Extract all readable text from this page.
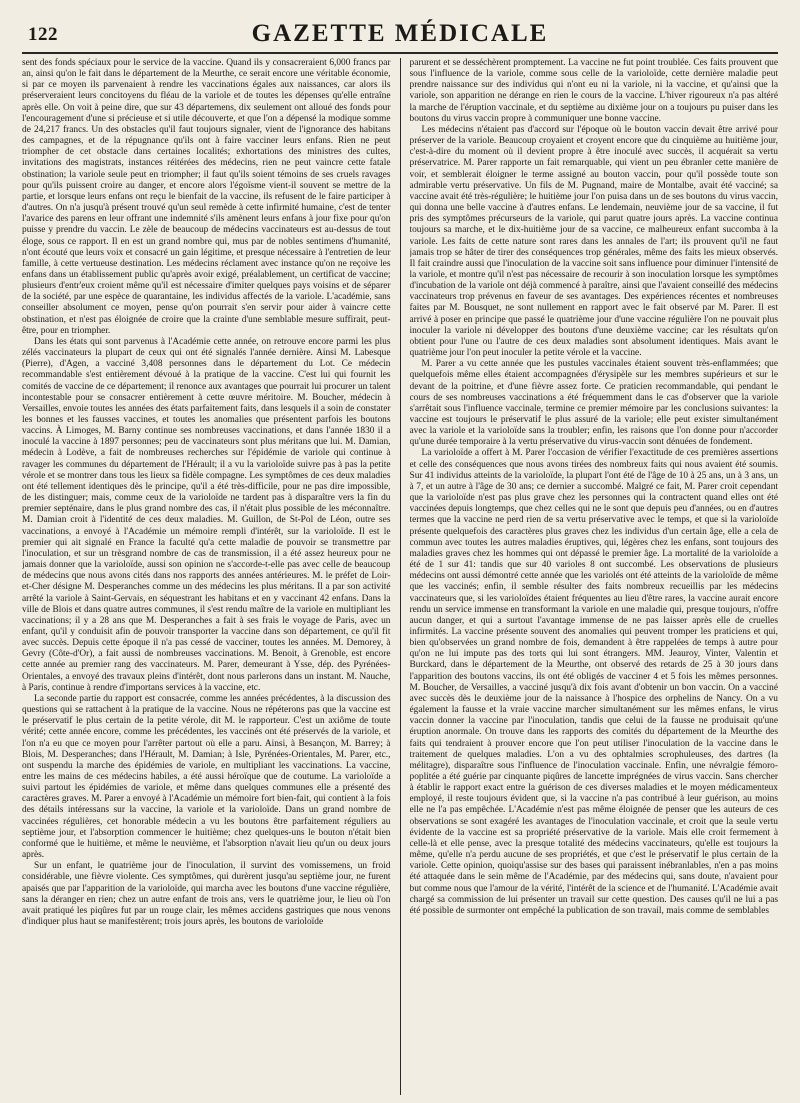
122	GAZETTE MÉDICALE

sent des fonds spéciaux pour le service de la vaccine. Quand ils y consacreraient 6,000 francs par an, ainsi qu'on le fait dans le département de la Meurthe, ce serait encore une véritable économie, si par ce moyen ils parvenaient à rendre les vaccinations égales aux naissances, car alors ils préserveraient leurs concitoyens du fléau de la variole et de toutes les dépenses qu'elle entraîne après elle. On voit à peine dire, que sur 43 départemens, dix seulement ont alloué des fonds pour l'encouragement d'une si précieuse et si utile découverte, et que l'on a dépensé la modique somme de 24,217 francs. Un des obstacles qu'il faut toujours signaler, vient de l'ignorance des habitans des campagnes, et de la répugnance qu'ils ont à faire vacciner leurs enfans. Rien ne peut triompher de cet obstacle dans certaines localités; exhortations des ministres des cultes, invitations des magistrats, instances réitérées des médecins, rien ne peut vaincre cette fatale obstination; la variole seule peut en triompher; il faut qu'ils soient témoins de ses cruels ravages pour qu'ils puissent croire au danger, et encore alors l'égoïsme vient-il souvent se mettre de la partie, et lorsque leurs enfans ont reçu le bienfait de la vaccine, ils refusent de le faire participer à d'autres. On n'a jusqu'à présent trouvé qu'un seul remède à cette infirmité humaine, c'est de tenter l'avarice des parens en leur offrant une indemnité s'ils amènent leurs enfans à jour fixe pour qu'on puisse y prendre du vaccin. Le zèle de beaucoup de médecins vaccinateurs est au-dessus de tout éloge, sous ce rapport. Il en est un grand nombre qui, mus par de nobles sentimens d'humanité, n'ont écouté que leurs voix et consacré un gain légitime, et presque nécessaire à l'entretien de leur famille, à cette vertueuse destination. Les médecins réclament avec instance qu'on ne reçoive les enfans dans un établissement public qu'après avoir exigé, préalablement, un certificat de vaccine; plusieurs d'entr'eux croient même qu'il est nécessaire d'imiter quelques pays voisins et de séparer de la société, par une espèce de quarantaine, les individus affectés de la variole. L'académie, sans conseiller absolument ce moyen, pense qu'on pourrait s'en servir pour aider à vaincre cette obstination, et n'est pas éloignée de croire que la crainte d'une semblable mesure suffirait, peut-être, pour en triompher.

Dans les états qui sont parvenus à l'Académie cette année, on retrouve encore parmi les plus zélés vaccinateurs la plupart de ceux qui ont été signalés l'année dernière. Ainsi M. Labesque (Pierre), d'Agen, a vacciné 3,408 personnes dans le département du Lot. Ce médecin recommandable s'est entièrement dévoué à la pratique de la vaccine. C'est lui qui fournit les comités de vaccine de ce département; il renonce aux avantages que pourrait lui procurer un talent incontestable pour se consacrer entièrement à cette œuvre méritoire. M. Boucher, médecin à Versailles, envoie toutes les années des états parfaitement faits, dans lesquels il a soin de constater les bonnes et les fausses vaccines, et toutes les anomalies que présentent parfois les boutons vaccins. À Limoges, M. Barny continue ses nombreuses vaccinations, et dans l'année 1830 il a inoculé la vaccine à 1897 personnes; peu de vaccinateurs sont plus méritans que lui. M. Damian, médecin à Lodève, a fait de nombreuses recherches sur l'épidémie de variole qui continue à ravager les communes du département de l'Hérault; il a vu la varioloïde suivre pas à pas la petite vérole et se montrer dans tous les lieux sa fidèle compagne. Les symptômes de ces deux maladies ont été tellement identiques dès le principe, qu'il a été très-difficile, pour ne pas dire impossible, de les distinguer; mais, comme ceux de la varioloïde ne tardent pas à disparaître vers la fin du premier septénaire, dans le plus grand nombre des cas, il n'était plus possible de les méconnaître. M. Damian croit à l'identité de ces deux maladies. M. Guillon, de St-Pol de Léon, outre ses vaccinations, a envoyé à l'Académie un mémoire rempli d'intérêt, sur la varioloïde. Il est le premier qui ait signalé en France la faculté qu'a cette maladie de pouvoir se transmettre par l'inoculation, et sur un trèsgrand nombre de cas de transmission, il a été assez heureux pour ne jamais donner que la varioloïde, aussi son opinion ne s'accorde-t-elle pas avec celle de beaucoup de médecins que nous avons cités dans nos rapports des années antérieures. M. le préfet de Loir-et-Cher désigne M. Desperanches comme un des médecins les plus méritans. Il a par son activité arrêté la variole à Saint-Gervais, en séquestrant les habitans et en y vaccinant 42 enfans. Dans la ville de Blois et dans quatre autres communes, il s'est rendu maître de la variole en multipliant les vaccinations; il y a 28 ans que M. Desperanches a fait à ses frais le voyage de Paris, avec un enfant, qu'il y conduisit afin de pouvoir transporter la vaccine dans son département, ce qu'il fit avec succès. Depuis cette époque il n'a pas cessé de vacciner, toutes les années. M. Demorey, à Gevry (Côte-d'Or), a fait aussi de nombreuses vaccinations. M. Benoit, à Grenoble, est encore cette année au premier rang des vaccinateurs. M. Parer, demeurant à Ysse, dép. des Pyrénées-Orientales, a envoyé des travaux pleins d'intérêt, dont nous parlerons dans un instant. M. Nauche, à Paris, continue à rendre d'importans services à la vaccine, etc.

La seconde partie du rapport est consacrée, comme les années précédentes, à la discussion des questions qui se rattachent à la pratique de la vaccine. Nous ne répéterons pas que la vaccine est le préservatif le plus certain de la petite vérole, dit M. le rapporteur. C'est un axiôme de toute vérité; cette année encore, comme les précédentes, les vaccinés ont été préservés de la variole, et l'on n'a eu que ce moyen pour l'arrêter partout où elle a paru. Ainsi, à Besançon, M. Barrey; à Blois, M. Desperanches; dans l'Hérault, M. Damian; à Isle, Pyrénées-Orientales, M. Parer, etc., ont suspendu la marche des épidémies de variole, en multipliant les vaccinations. La vaccine, entre les mains de ces médecins habiles, a été aussi héroïque que de coutume. La varioloïde a suivi partout les épidémies de variole, et même dans quelques communes elle a présenté des caractères graves. M. Parer a envoyé à l'Académie un mémoire fort bien-fait, qui contient à la fois des détails intéressans sur la vaccine, la variole et la varioloïde. Dans un grand nombre de vaccinées régulières, cet honorable médecin a vu les boutons être parfaitement réguliers au septième jour, et l'absorption commencer le huitième; chez quelques-uns le bouton n'était bien conformé que le huitième, et même le neuvième, et l'absorption n'avait lieu qu'un ou deux jours après.

Sur un enfant, le quatrième jour de l'inoculation, il survint des vomissemens, un froid considérable, une fièvre violente. Ces symptômes, qui durèrent jusqu'au septième jour, ne furent apaisés que par l'apparition de la varioloïde, qui marcha avec les boutons d'une vaccine régulière, sans la déranger en rien; chez un autre enfant de trois ans, vers le quatrième jour, le lieu où l'on avait pratiqué les piqûres fut par un rouge clair, les mêmes accidens gastriques que nous venons d'indiquer plus haut se manifestèrent; trois jours après, les boutons de varioloïde

parurent et se desséchèrent promptement. La vaccine ne fut point troublée. Ces faits prouvent que sous l'influence de la variole, comme sous celle de la varioloïde, cette dernière maladie peut prendre naissance sur des individus qui n'ont eu ni la variole, ni la vaccine, et qu'ainsi que la variole, son apparition ne dérange en rien le cours de la vaccine. L'hiver rigoureux n'a pas altéré la marche de l'éruption vaccinale, et du septième au dixième jour on a toujours pu puiser dans les boutons du virus vaccin propre à communiquer une bonne vaccine.

Les médecins n'étaient pas d'accord sur l'époque où le bouton vaccin devait être arrivé pour préserver de la variole. Beaucoup croyaient et croyent encore que du cinquième au huitième jour, c'est-à-dire du moment où il devient propre à être inoculé avec succès, il acquérait sa vertu préservatrice. M. Parer rapporte un fait remarquable, qui vient un peu ébranler cette manière de voir, et semblerait éloigner le terme assigné au bouton vaccin, pour qu'il possède toute son admirable vertu préservative. Un fils de M. Pugnand, maire de Montalbe, avait été vacciné; sa vaccine avait été très-régulière; le huitième jour l'on puisa dans un de ses boutons du virus vaccin, qui donna une belle vaccine à d'autres enfans. Le lendemain, neuvième jour de sa vaccine, il fut pris des symptômes précurseurs de la variole, qui parut quatre jours après. La vaccine continua toujours sa marche, et le dix-huitième jour de sa vaccine, ce malheureux enfant succomba à la variole. Les faits de cette nature sont rares dans les annales de l'art; ils prouvent qu'il ne faut jamais trop se hâter de tirer des conséquences trop générales, même des faits les mieux observés. Il fait craindre aussi que l'inoculation de la vaccine soit sans influence pour diminuer l'intensité de la variole, et montre qu'il n'est pas nécessaire de recourir à son inoculation lorsque les symptômes d'incubation de la variole ont déjà commencé à paraître, ainsi que l'avaient conseillé des médecins vaccinateurs trop prévenus en faveur de ses avantages. Des expériences récentes et nombreuses faites par M. Bousquet, ne sont nullement en rapport avec le fait observé par M. Parer. Il est arrivé à poser en principe que passé le quatrième jour d'une vaccine régulière l'on ne pouvait plus inoculer la variole ni développer des boutons d'une deuxième vaccine; car les résultats qu'on obtient pour l'une ou l'autre de ces deux maladies sont absolument identiques. Mais avant le quatrième jour l'on peut inoculer la petite vérole et la vaccine.

M. Parer a vu cette année que les pustules vaccinales étaient souvent très-enflammées; que quelquefois même elles étaient accompagnées d'érysipèle sur les membres supérieurs et sur le devant de la poitrine, et d'une fièvre assez forte. Ce praticien recommandable, qui pendant le cours de ses nombreuses vaccinations a été fréquemment dans le cas d'observer que la variole s'arrêtait sous l'influence vaccinale, termine ce premier mémoire par les conclusions suivantes: la vaccine est toujours le préservatif le plus assuré de la variole; elle peut exister simultanément avec la variole et la varioloïde sans la troubler; enfin, les raisons que l'on donne pour n'accorder qu'une durée temporaire à la vertu préservative du virus-vaccin sont dénuées de fondement.

La varioloïde a offert à M. Parer l'occasion de vérifier l'exactitude de ces premières assertions et celle des conséquences que nous avons tirées des nombreux faits qui nous avaient été soumis. Sur 41 individus atteints de la varioloïde, la plupart l'ont été de l'âge de 10 à 25 ans, un à 3 ans, un à 7, et un autre à l'âge de 30 ans; ce dernier a succombé. Malgré ce fait, M. Parer croit cependant que la varioloïde n'est pas plus grave chez les personnes qui la contractent quand elles ont été vaccinées depuis longtemps, que chez celles qui ne le sont que depuis peu d'années, ou en d'autres termes que la vaccine ne perd rien de sa vertu préservative avec le temps, et que si la varioloïde présente quelquefois des caractères plus graves chez les individus d'un certain âge, elle a cela de commun avec toutes les autres maladies éruptives, qui, légères chez les enfans, sont toujours des maladies graves chez les hommes qui ont dépassé le premier âge. La mortalité de la varioloïde a été de 1 sur 41: tandis que sur 40 varioles 8 ont succombé. Les observations de plusieurs médecins ont aussi démontré cette année que les variolés ont été atteints de la varioloïde de même que les vaccinés; enfin, il semble résulter des faits nombreux recueillis par les médecins vaccinateurs que, si les varioloïdes étaient fréquentes au lieu d'être rares, la vaccine aurait encore rendu un service immense en transformant la variole en une maladie qui, presque toujours, n'offre aucun danger, et qui a surtout l'avantage immense de ne pas laisser après elle de cruelles infirmités. La vaccine présente souvent des anomalies qui peuvent tromper les praticiens et qui, bien qu'observées un grand nombre de fois, demandent à être rappelées de temps à autre pour qu'on ne lui impute pas des torts qui lui sont étrangers. MM. Jeauroy, Vinter, Valentin et Burckard, dans le département de la Meurthe, ont observé des retards de 25 à 30 jours dans l'apparition des boutons vaccins, ils ont été obligés de vacciner 4 et 5 fois les mêmes personnes. M. Boucher, de Versailles, a vacciné jusqu'à dix fois avant d'obtenir un bon vaccin. On a vacciné avec succès dès le deuxième jour de la naissance à l'hospice des orphelins de Nancy. On a vu également la fausse et la vraie vaccine marcher simultanément sur les mêmes enfans, le virus vaccin donner la vaccine par l'inoculation, tandis que celui de la fausse ne produisait qu'une éruption anormale. On trouve dans les rapports des comités du département de la Meurthe des faits qui tendraient à prouver encore que l'on peut utiliser l'inoculation de la vaccine dans le traitement de quelques maladies. L'on a vu des ophtalmies scrophuleuses, des dartres (la mélitagre), disparaître sous l'influence de l'inoculation vaccinale. Enfin, une névralgie fémoro-poplitée a été guérie par cinquante piqûres de lancette imprégnées de virus vaccin. Sans chercher à établir le rapport exact entre la guérison de ces diverses maladies et le moyen médicamenteux employé, il reste toujours évident que, si la vaccine n'a pas contribué à leur guérison, au moins elle ne l'a pas empêchée. L'Académie n'est pas même éloignée de penser que les auteurs de ces observations se sont exagéré les avantages de l'inoculation vaccinale, et croit que la seule vertu évidente de la vaccine est sa propriété préservative de la variole. Mais elle croit fermement à celle-là et elle pense, avec la presque totalité des médecins vaccinateurs, qu'elle est toujours la même, qu'elle n'a perdu aucune de ses propriétés, et que c'est le préservatif le plus certain de la variole. Cette opinion, quoiqu'assise sur des bases qui paraissent inébranlables, n'en a pas moins été attaquée dans le sein même de l'Académie, par des médecins qui, sans doute, n'avaient pour but comme nous que l'amour de la vérité, l'intérêt de la science et de l'humanité. L'Académie avait chargé sa commission de lui présenter un travail sur cette question. Des causes qu'il ne lui a pas été possible de surmonter ont empêché la publication de son travail, mais comme de semblables
